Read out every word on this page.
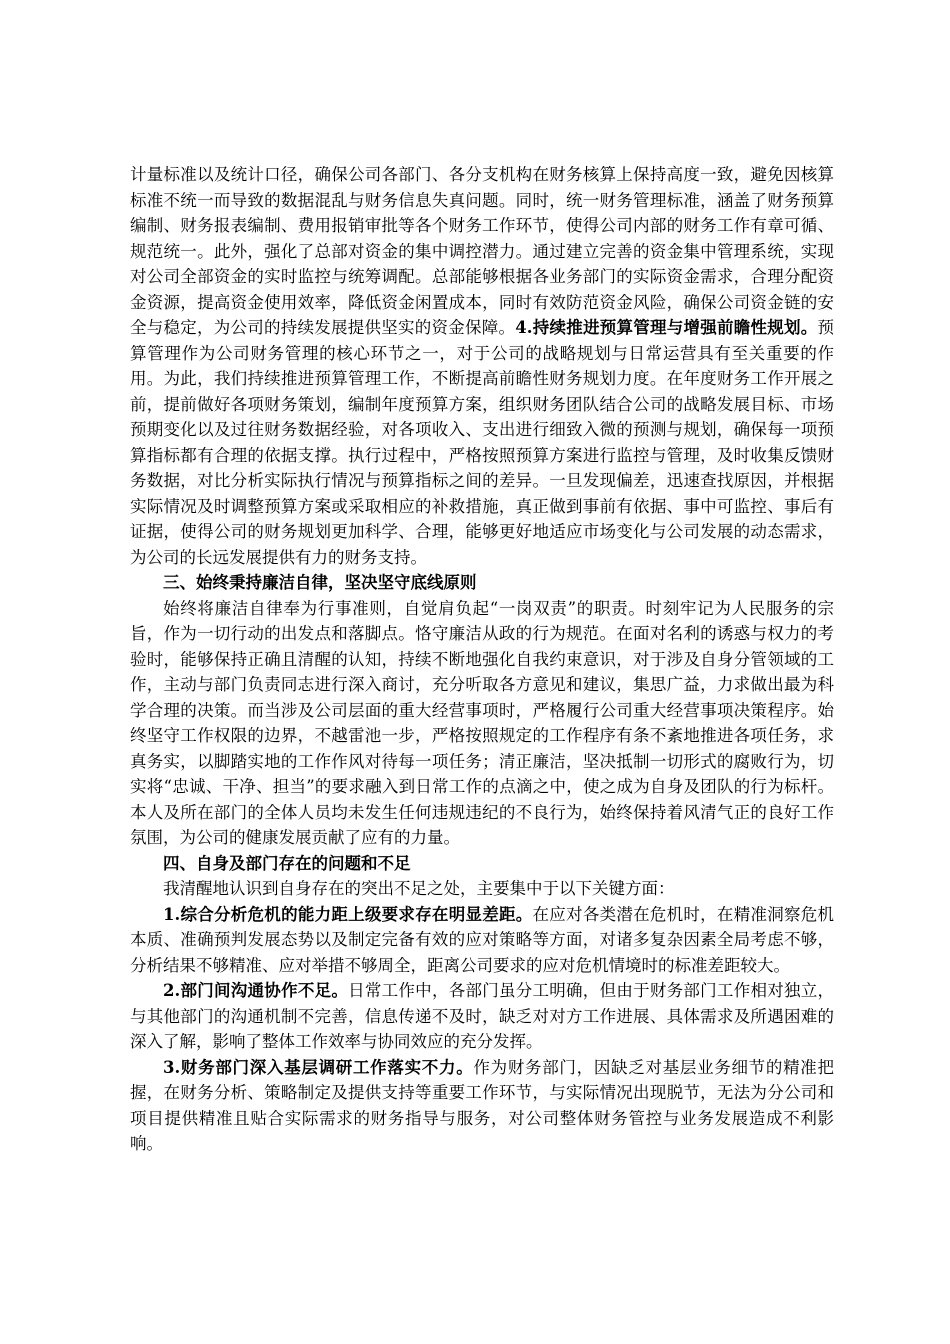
计量标准以及统计口径，确保公司各部门、各分支机构在财务核算上保持高度一致，避免因核算标准不统一而导致的数据混乱与财务信息失真问题。同时，统一财务管理标准，涵盖了财务预算编制、财务报表编制、费用报销审批等各个财务工作环节，使得公司内部的财务工作有章可循、规范统一。此外，强化了总部对资金的集中调控潜力。通过建立完善的资金集中管理系统，实现对公司全部资金的实时监控与统筹调配。总部能够根据各业务部门的实际资金需求，合理分配资金资源，提高资金使用效率，降低资金闲置成本，同时有效防范资金风险，确保公司资金链的安全与稳定，为公司的持续发展提供坚实的资金保障。4.持续推进预算管理与增强前瞻性规划。预算管理作为公司财务管理的核心环节之一，对于公司的战略规划与日常运营具有至关重要的作用。为此，我们持续推进预算管理工作，不断提高前瞻性财务规划力度。在年度财务工作开展之前，提前做好各项财务策划，编制年度预算方案，组织财务团队结合公司的战略发展目标、市场预期变化以及过往财务数据经验，对各项收入、支出进行细致入微的预测与规划，确保每一项预算指标都有合理的依据支撑。执行过程中，严格按照预算方案进行监控与管理，及时收集反馈财务数据，对比分析实际执行情况与预算指标之间的差异。一旦发现偏差，迅速查找原因，并根据实际情况及时调整预算方案或采取相应的补救措施，真正做到事前有依据、事中可监控、事后有证据，使得公司的财务规划更加科学、合理，能够更好地适应市场变化与公司发展的动态需求，为公司的长远发展提供有力的财务支持。

三、始终秉持廉洁自律，坚决坚守底线原则

始终将廉洁自律奉为行事准则，自觉肩负起“一岗双责”的职责。时刻牢记为人民服务的宗旨，作为一切行动的出发点和落脚点。恪守廉洁从政的行为规范。在面对名利的诱惑与权力的考验时，能够保持正确且清醒的认知，持续不断地强化自我约束意识，对于涉及自身分管领域的工作，主动与部门负责同志进行深入商讨，充分听取各方意见和建议，集思广益，力求做出最为科学合理的决策。而当涉及公司层面的重大经营事项时，严格履行公司重大经营事项决策程序。始终坚守工作权限的边界，不越雷池一步，严格按照规定的工作程序有条不紊地推进各项任务，求真务实，以脚踏实地的工作作风对待每一项任务；清正廉洁，坚决抵制一切形式的腐败行为，切实将“忠诚、干净、担当”的要求融入到日常工作的点滴之中，使之成为自身及团队的行为标杆。本人及所在部门的全体人员均未发生任何违规违纪的不良行为，始终保持着风清气正的良好工作氛围，为公司的健康发展贡献了应有的力量。

四、自身及部门存在的问题和不足

我清醒地认识到自身存在的突出不足之处，主要集中于以下关键方面：

1.综合分析危机的能力距上级要求存在明显差距。在应对各类潜在危机时，在精准洞察危机本质、准确预判发展态势以及制定完备有效的应对策略等方面，对诸多复杂因素全局考虑不够，分析结果不够精准、应对举措不够周全，距离公司要求的应对危机情境时的标准差距较大。

2.部门间沟通协作不足。日常工作中，各部门虽分工明确，但由于财务部门工作相对独立，与其他部门的沟通机制不完善，信息传递不及时，缺乏对对方工作进展、具体需求及所遇困难的深入了解，影响了整体工作效率与协同效应的充分发挥。

3.财务部门深入基层调研工作落实不力。作为财务部门，因缺乏对基层业务细节的精准把握，在财务分析、策略制定及提供支持等重要工作环节，与实际情况出现脱节，无法为分公司和项目提供精准且贴合实际需求的财务指导与服务，对公司整体财务管控与业务发展造成不利影响。
